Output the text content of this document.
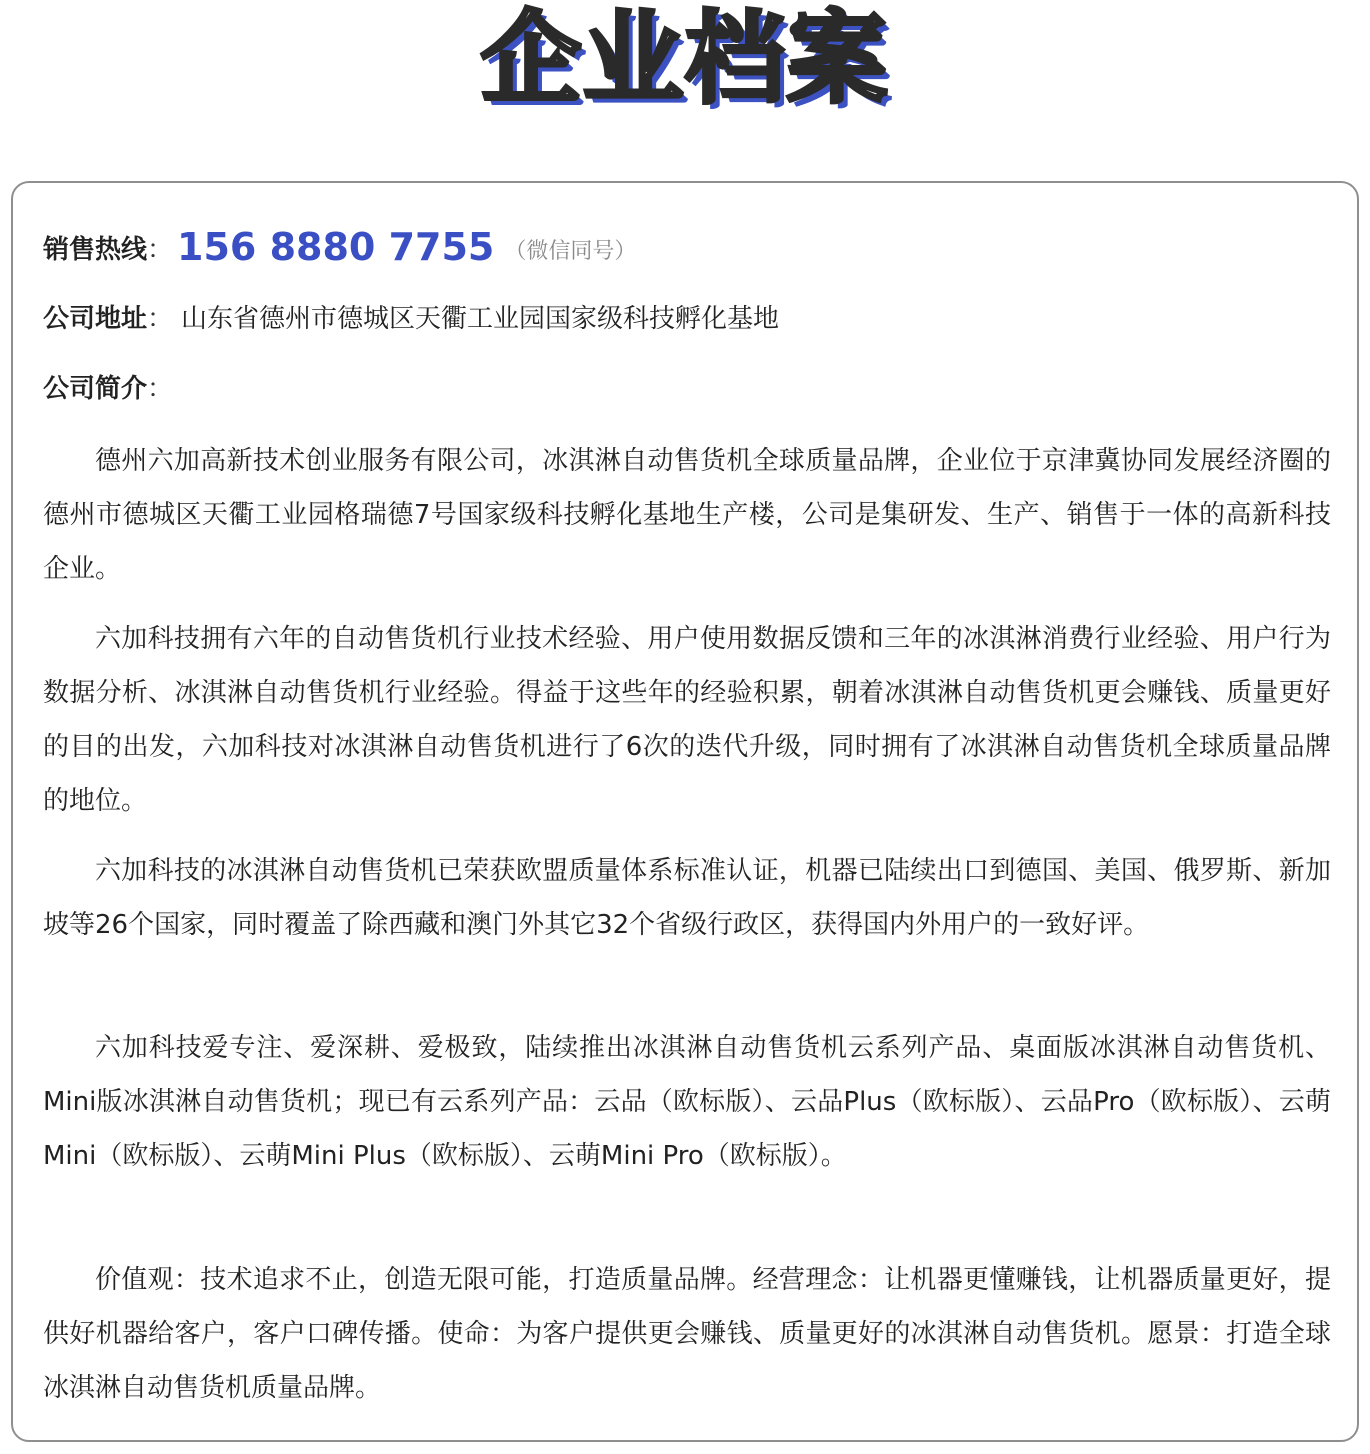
企业档案
销售热线： 156 8880 7755 （微信同号）
公司地址： 山东省德州市德城区天衢工业园国家级科技孵化基地
公司简介：

德州六加高新技术创业服务有限公司，冰淇淋自动售货机全球质量品牌，企业位于京津冀协同发展经济圈的德州市德城区天衢工业园格瑞德7号国家级科技孵化基地生产楼，公司是集研发、生产、销售于一体的高新科技企业。

六加科技拥有六年的自动售货机行业技术经验、用户使用数据反馈和三年的冰淇淋消费行业经验、用户行为数据分析、冰淇淋自动售货机行业经验。得益于这些年的经验积累，朝着冰淇淋自动售货机更会赚钱、质量更好的目的出发，六加科技对冰淇淋自动售货机进行了6次的迭代升级，同时拥有了冰淇淋自动售货机全球质量品牌的地位。

六加科技的冰淇淋自动售货机已荣获欧盟质量体系标准认证，机器已陆续出口到德国、美国、俄罗斯、新加坡等26个国家，同时覆盖了除西藏和澳门外其它32个省级行政区，获得国内外用户的一致好评。

六加科技爱专注、爱深耕、爱极致，陆续推出冰淇淋自动售货机云系列产品、桌面版冰淇淋自动售货机、Mini版冰淇淋自动售货机；现已有云系列产品：云品（欧标版）、云品Plus（欧标版）、云品Pro（欧标版）、云萌Mini（欧标版）、云萌Mini Plus（欧标版）、云萌Mini Pro（欧标版）。

价值观：技术追求不止，创造无限可能，打造质量品牌。经营理念：让机器更懂赚钱，让机器质量更好，提供好机器给客户，客户口碑传播。使命：为客户提供更会赚钱、质量更好的冰淇淋自动售货机。愿景：打造全球冰淇淋自动售货机质量品牌。
